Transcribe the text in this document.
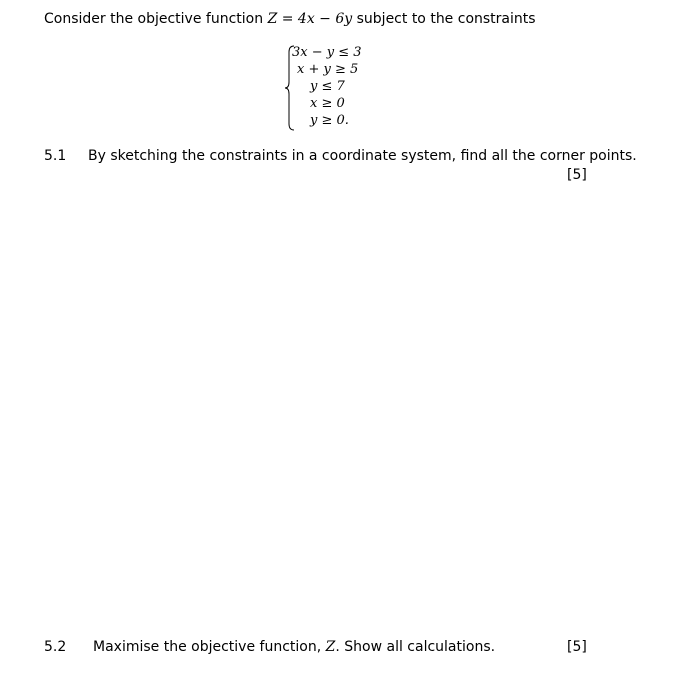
Consider the objective function Z = 4x − 6y subject to the constraints
3x − y ≤ 3
x + y ≥ 5
y ≤ 7
x ≥ 0
y ≥ 0.
5.1 By sketching the constraints in a coordinate system, find all the corner points.
[5]
5.2 Maximise the objective function, Z. Show all calculations.	[5]
